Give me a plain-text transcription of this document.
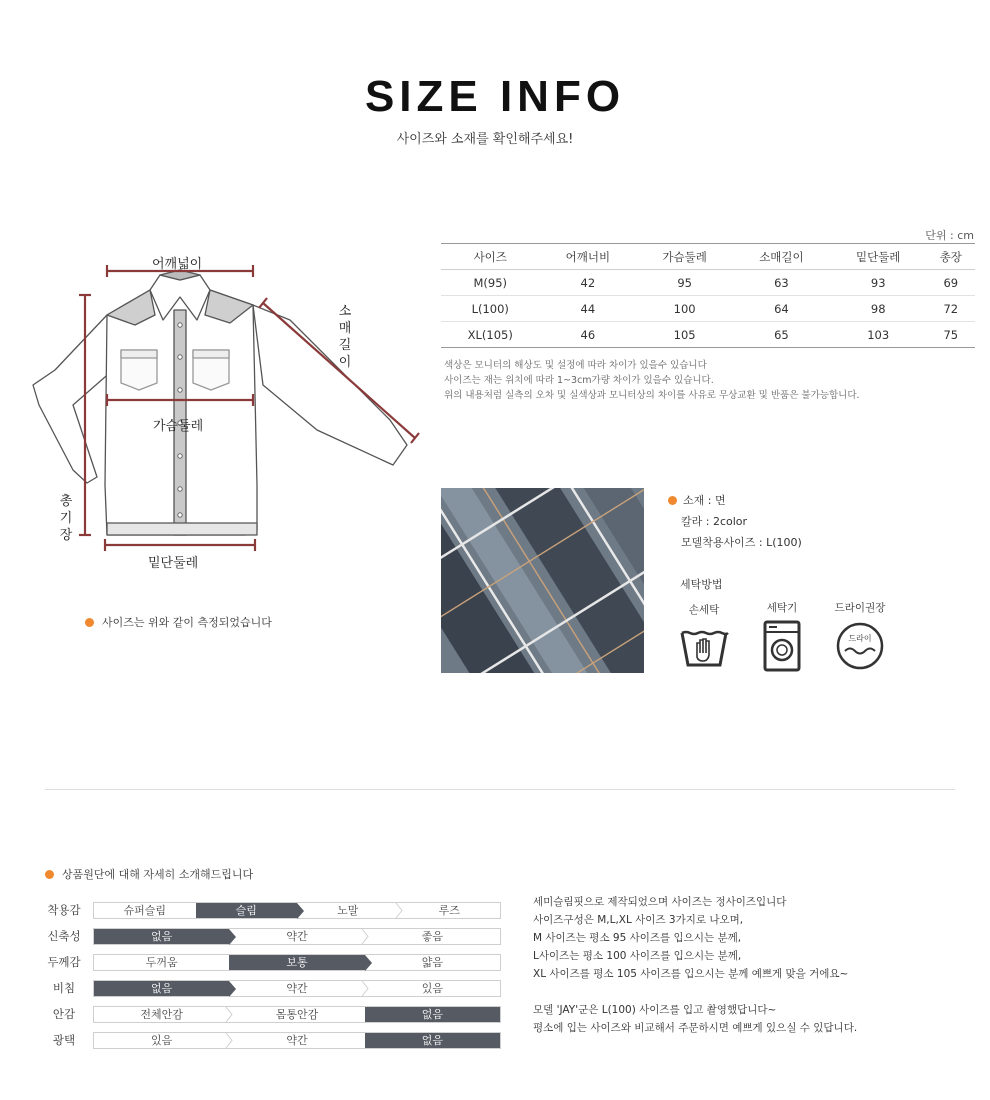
SIZE INFO
사이즈와 소재를 확인해주세요!
어깨넓이
소
매
길
이
가슴둘레
총
기
장
밑단둘레
사이즈는 위와 같이 측정되었습니다
단위 : cm
사이즈	어깨너비	가슴둘레	소매길이	밑단둘레	총장
M(95)	42	95	63	93	69
L(100)	44	100	64	98	72
XL(105)	46	105	65	103	75
색상은 모니터의 해상도 및 설정에 따라 차이가 있을수 있습니다
사이즈는 재는 위치에 따라 1~3cm가량 차이가 있을수 있습니다.
위의 내용처럼 실측의 오차 및 실색상과 모니터상의 차이를 사유로 무상교환 및 반품은 불가능합니다.
소재 : 면
칼라 : 2color
모델착용사이즈 : L(100)
세탁방법
손세탁	세탁기	드라이권장
드라이
상품원단에 대해 자세히 소개해드립니다
착용감	슈퍼슬림	슬림	노말	루즈
신축성	없음	약간	좋음
두께감	두꺼움	보통	얇음
비침	없음	약간	있음
안감	전체안감	몸통안감	없음
광택	있음	약간	없음
세미슬림핏으로 제작되었으며 사이즈는 정사이즈입니다
사이즈구성은 M,L,XL 사이즈 3가지로 나오며,
M 사이즈는 평소 95 사이즈를 입으시는 분께,
L사이즈는 평소 100 사이즈를 입으시는 분께,
XL 사이즈를 평소 105 사이즈를 입으시는 분께 예쁘게 맞을 거에요~
모델 'JAY'군은 L(100) 사이즈를 입고 촬영했답니다~
평소에 입는 사이즈와 비교해서 주문하시면 예쁘게 있으실 수 있답니다.
